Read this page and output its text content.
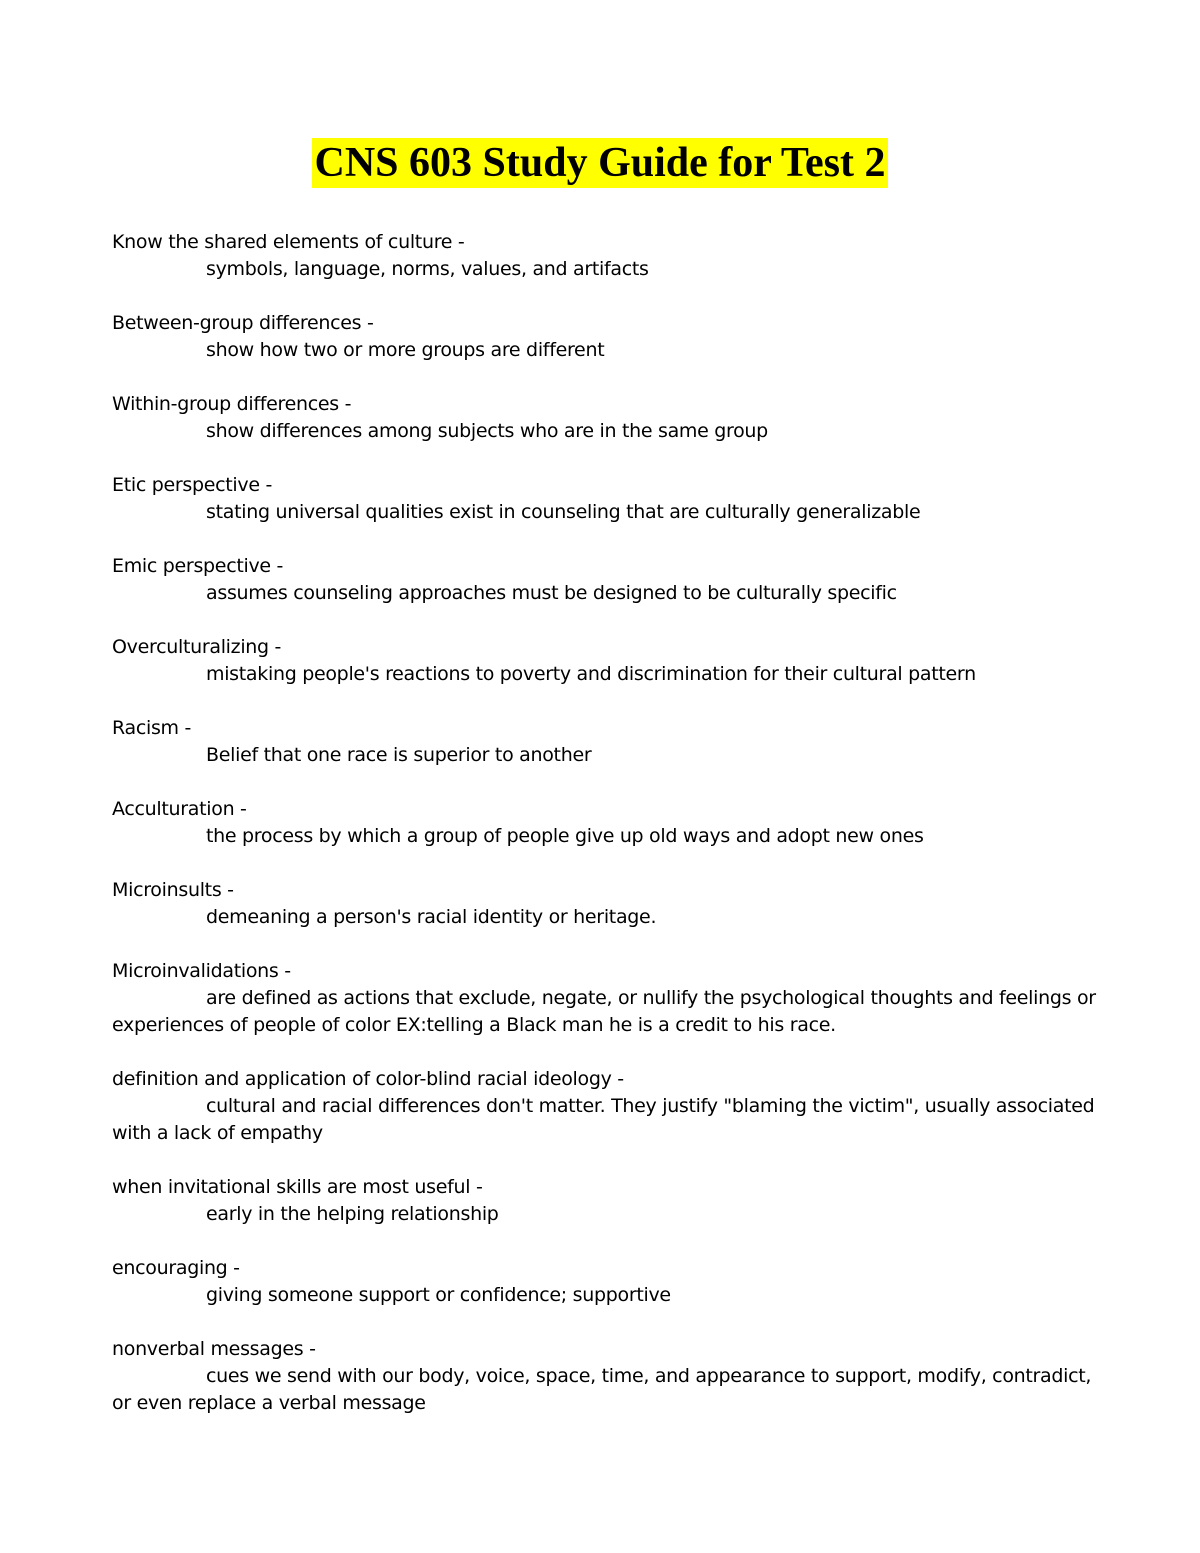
CNS 603 Study Guide for Test 2
Know the shared elements of culture -
symbols, language, norms, values, and artifacts
Between-group differences -
show how two or more groups are different
Within-group differences -
show differences among subjects who are in the same group
Etic perspective -
stating universal qualities exist in counseling that are culturally generalizable
Emic perspective -
assumes counseling approaches must be designed to be culturally specific
Overculturalizing -
mistaking people's reactions to poverty and discrimination for their cultural pattern
Racism -
Belief that one race is superior to another
Acculturation -
the process by which a group of people give up old ways and adopt new ones
Microinsults -
demeaning a person's racial identity or heritage.
Microinvalidations -
are defined as actions that exclude, negate, or nullify the psychological thoughts and feelings or experiences of people of color EX:telling a Black man he is a credit to his race.
definition and application of color-blind racial ideology -
cultural and racial differences don't matter. They justify "blaming the victim", usually associated with a lack of empathy
when invitational skills are most useful -
early in the helping relationship
encouraging -
giving someone support or confidence; supportive
nonverbal messages -
cues we send with our body, voice, space, time, and appearance to support, modify, contradict, or even replace a verbal message
